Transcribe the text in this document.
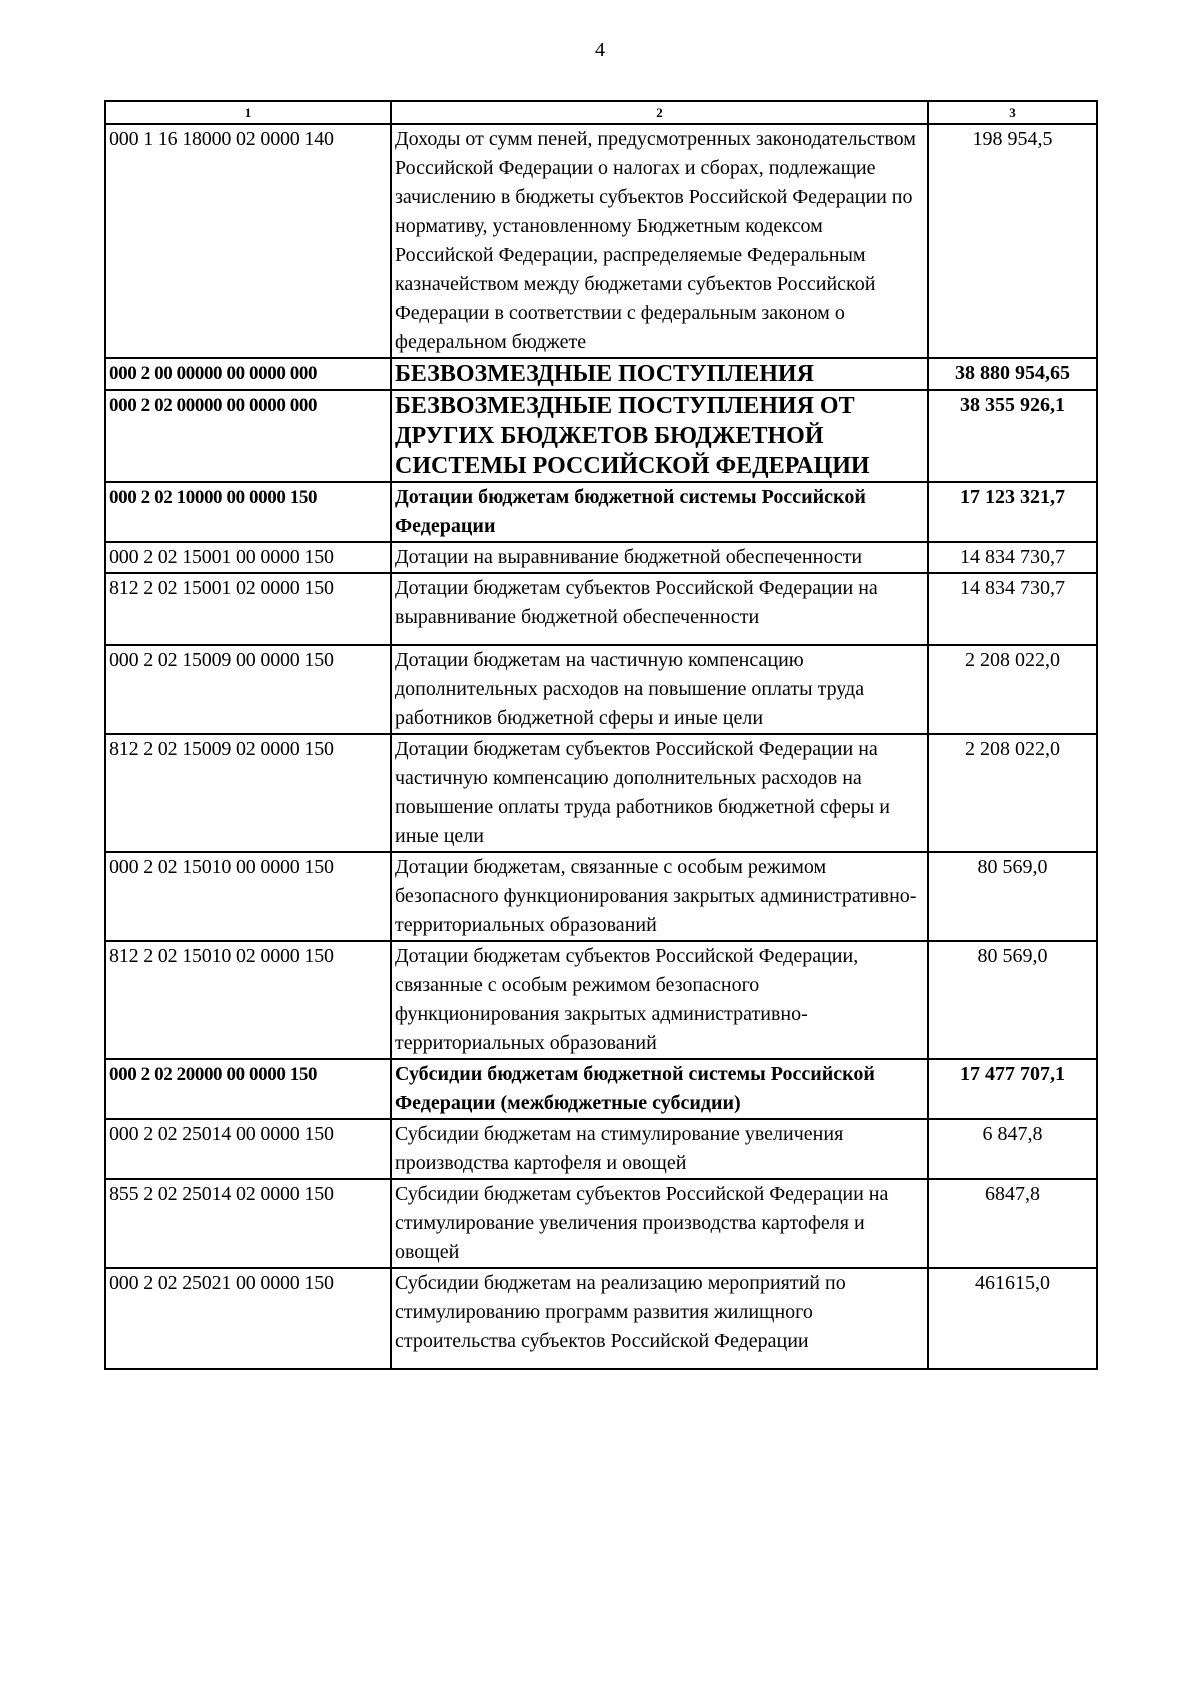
4
1	2	3
000 1 16 18000 02 0000 140	Доходы от сумм пеней, предусмотренных законодательством Российской Федерации о налогах и сборах, подлежащие зачислению в бюджеты субъектов Российской Федерации по нормативу, установленному Бюджетным кодексом Российской Федерации, распределяемые Федеральным казначейством между бюджетами субъектов Российской Федерации в соответствии с федеральным законом о федеральном бюджете	198 954,5
000 2 00 00000 00 0000 000	БЕЗВОЗМЕЗДНЫЕ ПОСТУПЛЕНИЯ	38 880 954,65
000 2 02 00000 00 0000 000	БЕЗВОЗМЕЗДНЫЕ ПОСТУПЛЕНИЯ ОТ ДРУГИХ БЮДЖЕТОВ БЮДЖЕТНОЙ СИСТЕМЫ РОССИЙСКОЙ ФЕДЕРАЦИИ	38 355 926,1
000 2 02 10000 00 0000 150	Дотации бюджетам бюджетной системы Российской Федерации	17 123 321,7
000 2 02 15001 00 0000 150	Дотации на выравнивание бюджетной обеспеченности	14 834 730,7
812 2 02 15001 02 0000 150	Дотации бюджетам субъектов Российской Федерации на выравнивание бюджетной обеспеченности	14 834 730,7
000 2 02 15009 00 0000 150	Дотации бюджетам на частичную компенсацию дополнительных расходов на повышение оплаты труда работников бюджетной сферы и иные цели	2 208 022,0
812 2 02 15009 02 0000 150	Дотации бюджетам субъектов Российской Федерации на частичную компенсацию дополнительных расходов на повышение оплаты труда работников бюджетной сферы и иные цели	2 208 022,0
000 2 02 15010 00 0000 150	Дотации бюджетам, связанные с особым режимом безопасного функционирования закрытых административно-территориальных образований	80 569,0
812 2 02 15010 02 0000 150	Дотации бюджетам субъектов Российской Федерации, связанные с особым режимом безопасного функционирования закрытых административно-территориальных образований	80 569,0
000 2 02 20000 00 0000 150	Субсидии бюджетам бюджетной системы Российской Федерации (межбюджетные субсидии)	17 477 707,1
000 2 02 25014 00 0000 150	Субсидии бюджетам на стимулирование увеличения производства картофеля и овощей	6 847,8
855 2 02 25014 02 0000 150	Субсидии бюджетам субъектов Российской Федерации на стимулирование увеличения производства картофеля и овощей	6847,8
000 2 02 25021 00 0000 150	Субсидии бюджетам на реализацию мероприятий по стимулированию программ развития жилищного строительства субъектов Российской Федерации	461615,0
